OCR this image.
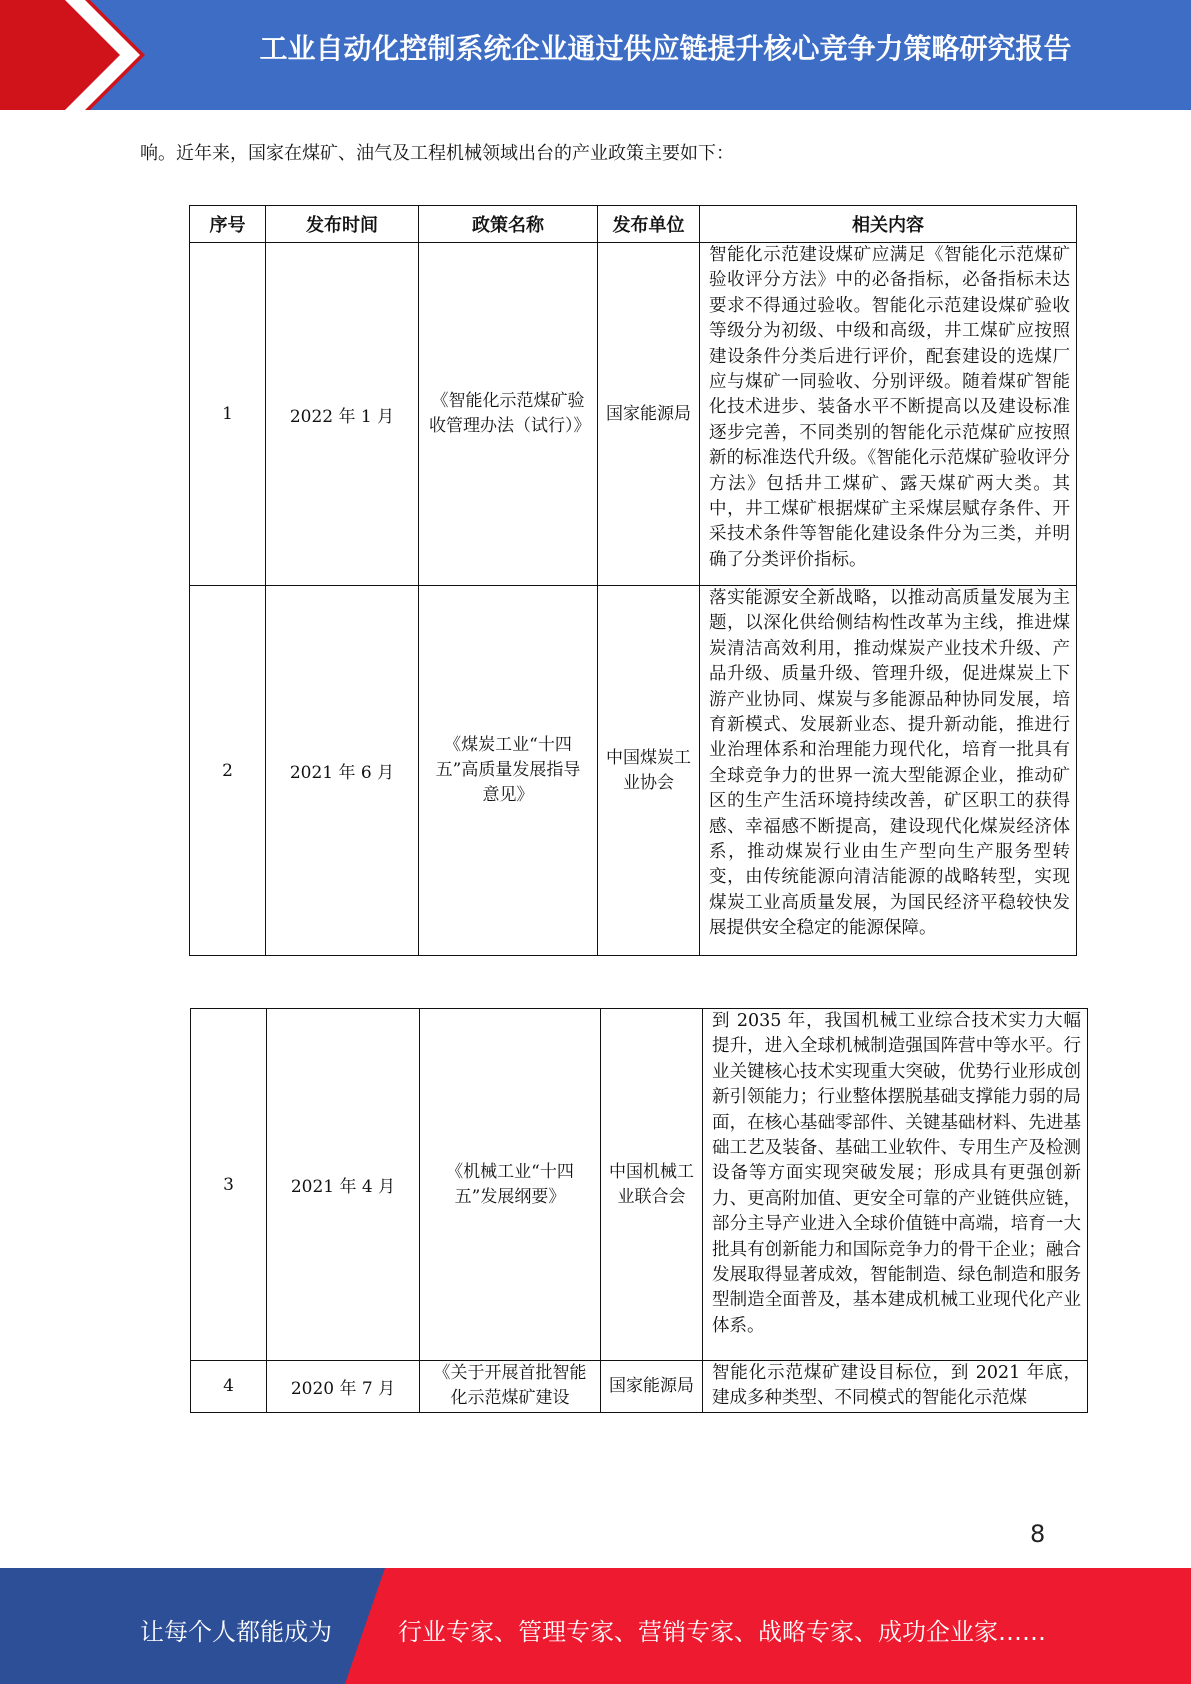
工业自动化控制系统企业通过供应链提升核心竞争力策略研究报告
响。近年来，国家在煤矿、油气及工程机械领域出台的产业政策主要如下：
序号	发布时间	政策名称	发布单位	相关内容
1	2022 年 1 月	《智能化示范煤矿验收管理办法（试行）》	国家能源局	智能化示范建设煤矿应满足《智能化示范煤矿验收评分方法》中的必备指标，必备指标未达要求不得通过验收。智能化示范建设煤矿验收等级分为初级、中级和高级，井工煤矿应按照建设条件分类后进行评价，配套建设的选煤厂应与煤矿一同验收、分别评级。随着煤矿智能化技术进步、装备水平不断提高以及建设标准逐步完善，不同类别的智能化示范煤矿应按照新的标准迭代升级。《智能化示范煤矿验收评分方法》包括井工煤矿、露天煤矿两大类。其中，井工煤矿根据煤矿主采煤层赋存条件、开采技术条件等智能化建设条件分为三类，并明确了分类评价指标。
2	2021 年 6 月	《煤炭工业“十四五”高质量发展指导意见》	中国煤炭工业协会	落实能源安全新战略，以推动高质量发展为主题，以深化供给侧结构性改革为主线，推进煤炭清洁高效利用，推动煤炭产业技术升级、产品升级、质量升级、管理升级，促进煤炭上下游产业协同、煤炭与多能源品种协同发展，培育新模式、发展新业态、提升新动能，推进行业治理体系和治理能力现代化，培育一批具有全球竞争力的世界一流大型能源企业，推动矿区的生产生活环境持续改善，矿区职工的获得感、幸福感不断提高，建设现代化煤炭经济体系，推动煤炭行业由生产型向生产服务型转变，由传统能源向清洁能源的战略转型，实现煤炭工业高质量发展，为国民经济平稳较快发展提供安全稳定的能源保障。
3	2021 年 4 月	《机械工业“十四五”发展纲要》	中国机械工业联合会	到 2035 年，我国机械工业综合技术实力大幅提升，进入全球机械制造强国阵营中等水平。行业关键核心技术实现重大突破，优势行业形成创新引领能力；行业整体摆脱基础支撑能力弱的局面，在核心基础零部件、关键基础材料、先进基础工艺及装备、基础工业软件、专用生产及检测设备等方面实现突破发展；形成具有更强创新力、更高附加值、更安全可靠的产业链供应链，部分主导产业进入全球价值链中高端，培育一大批具有创新能力和国际竞争力的骨干企业；融合发展取得显著成效，智能制造、绿色制造和服务型制造全面普及，基本建成机械工业现代化产业体系。
4	2020 年 7 月	《关于开展首批智能化示范煤矿建设	国家能源局	智能化示范煤矿建设目标位，到 2021 年底，建成多种类型、不同模式的智能化示范煤
8
让每个人都能成为	行业专家、管理专家、营销专家、战略专家、成功企业家……
